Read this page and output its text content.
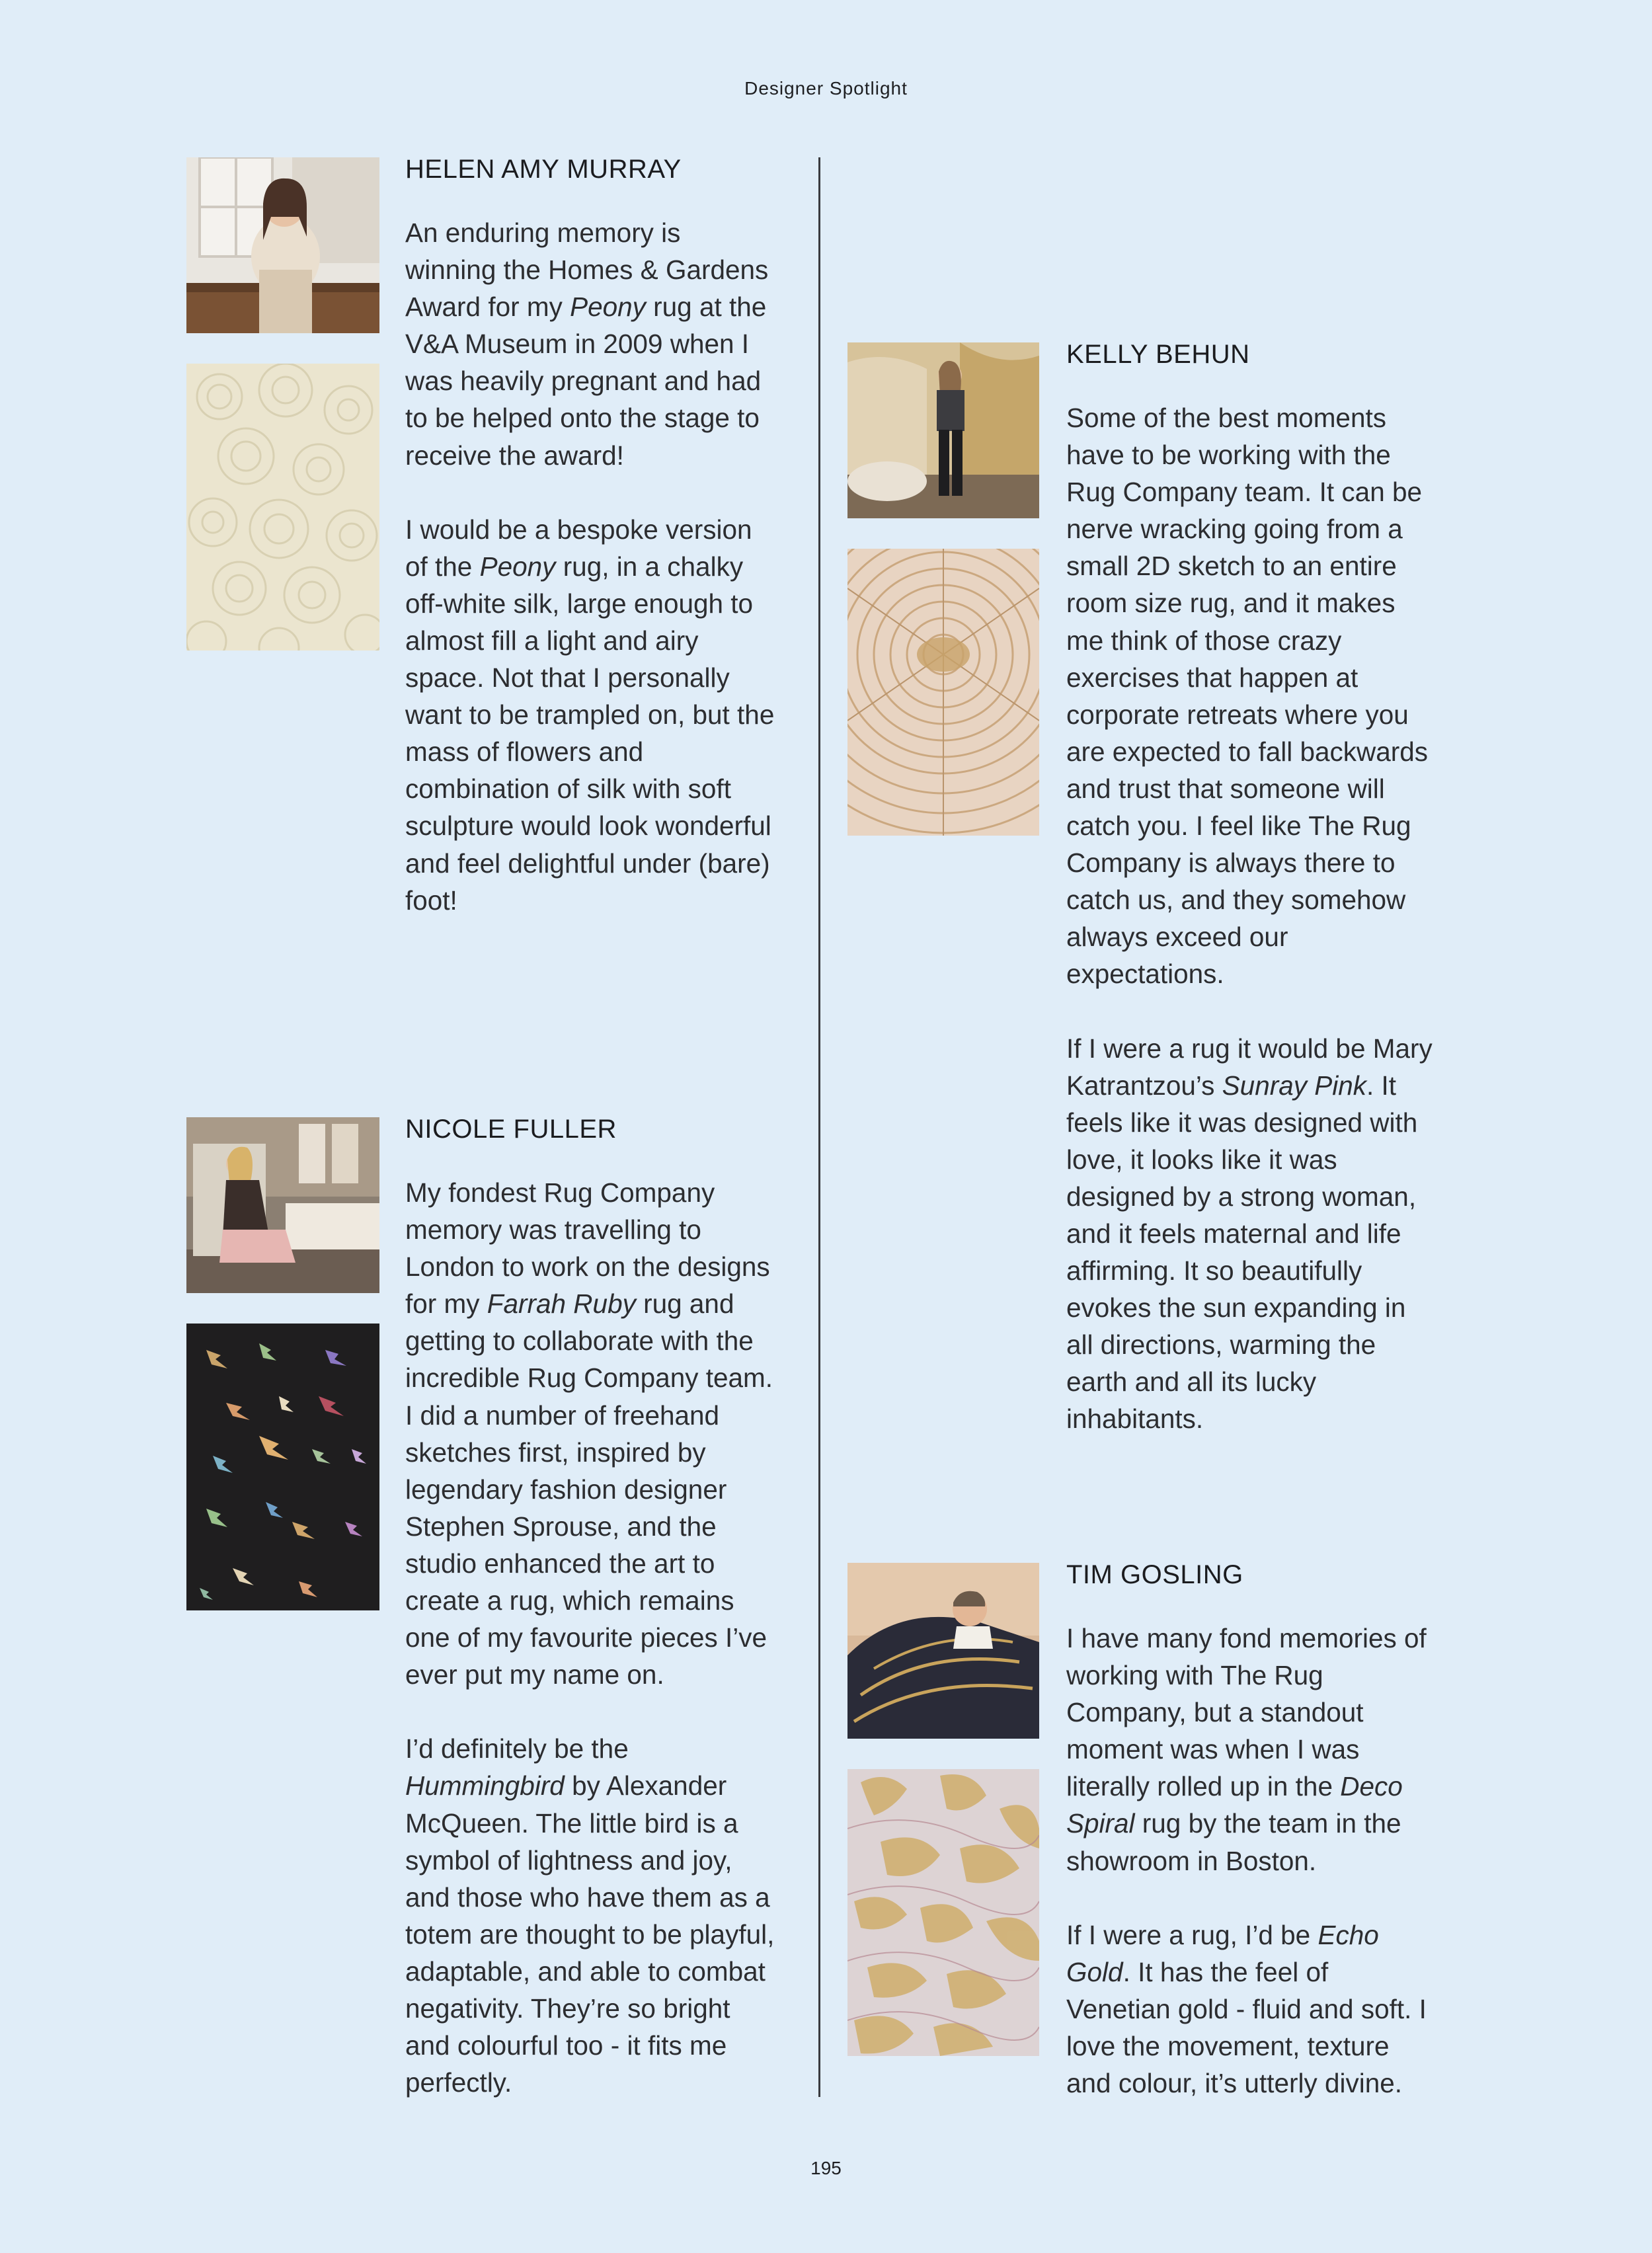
Designer Spotlight
HELEN AMY MURRAY

An enduring memory is winning the Homes & Gardens Award for my Peony rug at the V&A Museum in 2009 when I was heavily pregnant and had to be helped onto the stage to receive the award!

I would be a bespoke version of the Peony rug, in a chalky off-white silk, large enough to almost fill a light and airy space. Not that I personally want to be trampled on, but the mass of flowers and combination of silk with soft sculpture would look wonderful and feel delightful under (bare) foot!

NICOLE FULLER

My fondest Rug Company memory was travelling to London to work on the designs for my Farrah Ruby rug and getting to collaborate with the incredible Rug Company team. I did a number of freehand sketches first, inspired by legendary fashion designer Stephen Sprouse, and the studio enhanced the art to create a rug, which remains one of my favourite pieces I’ve ever put my name on.

I’d definitely be the Hummingbird by Alexander McQueen. The little bird is a symbol of lightness and joy, and those who have them as a totem are thought to be playful, adaptable, and able to combat negativity. They’re so bright and colourful too - it fits me perfectly.

KELLY BEHUN

Some of the best moments have to be working with the Rug Company team. It can be nerve wracking going from a small 2D sketch to an entire room size rug, and it makes me think of those crazy exercises that happen at corporate retreats where you are expected to fall backwards and trust that someone will catch you. I feel like The Rug Company is always there to catch us, and they somehow always exceed our expectations.

If I were a rug it would be Mary Katrantzou’s Sunray Pink. It feels like it was designed with love, it looks like it was designed by a strong woman, and it feels maternal and life affirming. It so beautifully evokes the sun expanding in all directions, warming the earth and all its lucky inhabitants.

TIM GOSLING

I have many fond memories of working with The Rug Company, but a standout moment was when I was literally rolled up in the Deco Spiral rug by the team in the showroom in Boston.

If I were a rug, I’d be Echo Gold. It has the feel of Venetian gold - fluid and soft. I love the movement, texture and colour, it’s utterly divine.

195
